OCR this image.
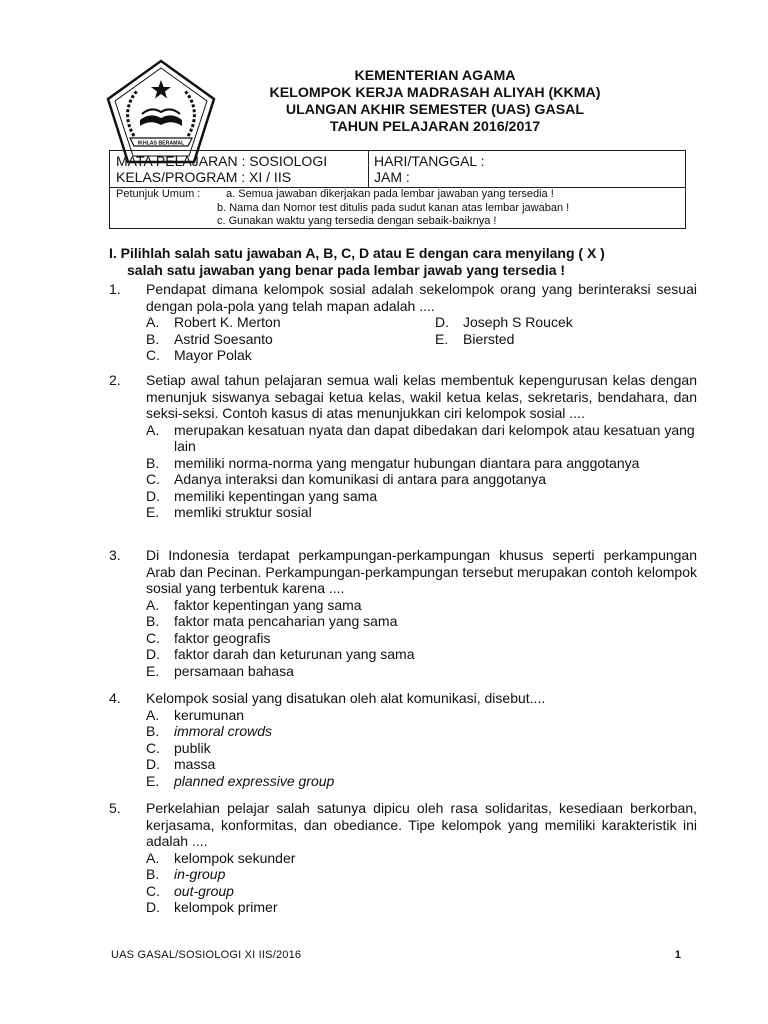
IKHLAS BERAMAL
KEMENTERIAN AGAMA
KELOMPOK KERJA MADRASAH ALIYAH (KKMA)
ULANGAN AKHIR SEMESTER (UAS) GASAL
TAHUN PELAJARAN 2016/2017
MATA PELAJARAN : SOSIOLOGI
KELAS/PROGRAM : XI / IIS
HARI/TANGGAL :
JAM :
Petunjuk Umum : a. Semua jawaban dikerjakan pada lembar jawaban yang tersedia !
b. Nama dan Nomor test ditulis pada sudut kanan atas lembar jawaban !
c. Gunakan waktu yang tersedia dengan sebaik-baiknya !
I. Pilihlah salah satu jawaban A, B, C, D atau E dengan cara menyilang ( X )
salah satu jawaban yang benar pada lembar jawab yang tersedia !
1.	Pendapat dimana kelompok sosial adalah sekelompok orang yang berinteraksi sesuai dengan pola-pola yang telah mapan adalah ....
A. Robert K. Merton
B. Astrid Soesanto
C. Mayor Polak
D. Joseph S Roucek
E. Biersted
2.	Setiap awal tahun pelajaran semua wali kelas membentuk kepengurusan kelas dengan menunjuk siswanya sebagai ketua kelas, wakil ketua kelas, sekretaris, bendahara, dan seksi-seksi. Contoh kasus di atas menunjukkan ciri kelompok sosial ....
A. merupakan kesatuan nyata dan dapat dibedakan dari kelompok atau kesatuan yang lain
B. memiliki norma-norma yang mengatur hubungan diantara para anggotanya
C. Adanya interaksi dan komunikasi di antara para anggotanya
D. memiliki kepentingan yang sama
E. memliki struktur sosial
3.	Di Indonesia terdapat perkampungan-perkampungan khusus seperti perkampungan Arab dan Pecinan. Perkampungan-perkampungan tersebut merupakan contoh kelompok sosial yang terbentuk karena ....
A. faktor kepentingan yang sama
B. faktor mata pencaharian yang sama
C. faktor geografis
D. faktor darah dan keturunan yang sama
E. persamaan bahasa
4.	Kelompok sosial yang disatukan oleh alat komunikasi, disebut....
A. kerumunan
B. immoral crowds
C. publik
D. massa
E. planned expressive group
5.	Perkelahian pelajar salah satunya dipicu oleh rasa solidaritas, kesediaan berkorban, kerjasama, konformitas, dan obediance. Tipe kelompok yang memiliki karakteristik ini adalah ....
A. kelompok sekunder
B. in-group
C. out-group
D. kelompok primer
UAS GASAL/SOSIOLOGI XI IIS/2016	1
